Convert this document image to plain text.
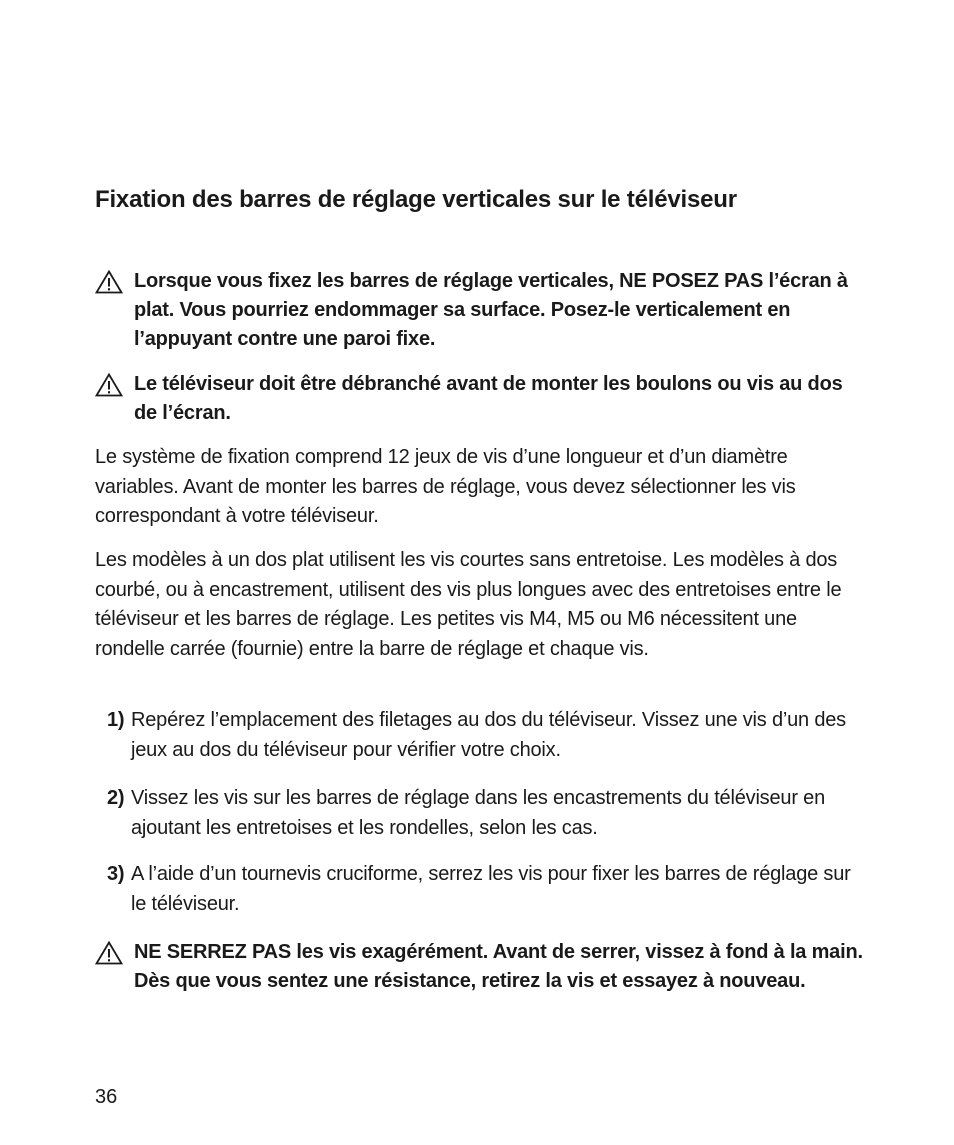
Fixation des barres de réglage verticales sur le téléviseur
Lorsque vous fixez les barres de réglage verticales, NE POSEZ PAS l’écran à plat. Vous pourriez endommager sa surface. Posez-le verticalement en l’appuyant contre une paroi fixe.
Le téléviseur doit être débranché avant de monter les boulons ou vis au dos de l’écran.

Le système de fixation comprend 12 jeux de vis d’une longueur et d’un diamètre variables. Avant de monter les barres de réglage, vous devez sélectionner les vis correspondant à votre téléviseur.

Les modèles à un dos plat utilisent les vis courtes sans entretoise. Les modèles à dos courbé, ou à encastrement, utilisent des vis plus longues avec des entretoises entre le téléviseur et les barres de réglage. Les petites vis M4, M5 ou M6 nécessitent une rondelle carrée (fournie) entre la barre de réglage et chaque vis.

1) Repérez l’emplacement des filetages au dos du téléviseur. Vissez une vis d’un des jeux au dos du téléviseur pour vérifier votre choix.
2) Vissez les vis sur les barres de réglage dans les encastrements du téléviseur en ajoutant les entretoises et les rondelles, selon les cas.
3) A l’aide d’un tournevis cruciforme, serrez les vis pour fixer les barres de réglage sur le téléviseur.
NE SERREZ PAS les vis exagérément. Avant de serrer, vissez à fond à la main. Dès que vous sentez une résistance, retirez la vis et essayez à nouveau.
36
